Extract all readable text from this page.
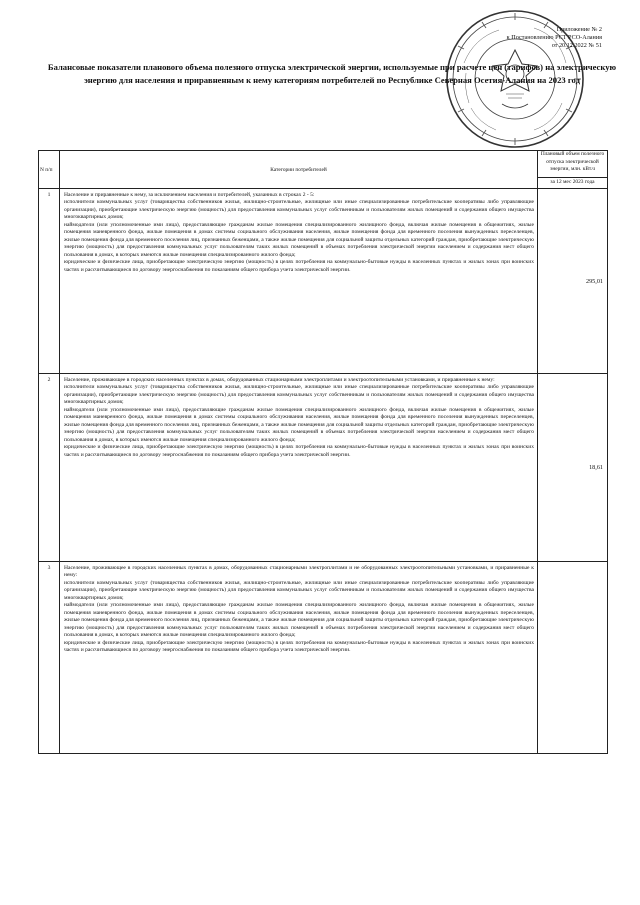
Приложение № 2
к Постановлению РСТ РСО-Алания
от 20.12.2022 № 51
Балансовые показатели планового объема полезного отпуска электрической энергии, используемые при расчете цен (тарифов) на электрическую энергию для населения и приравненным к нему категориям потребителей по Республике Северная Осетия-Алания на 2023 год
N п/п	Категории потребителей	Плановый объем полезного отпуска электрической энергии, млн. кВт.ч
за 12 мес 2023 года

1	Население и приравненные к нему, за исключением населения и потребителей, указанных в строках 2 - 5:

исполнители коммунальных услуг (товарищества собственников жилья, жилищно-строительные, жилищные или иные специализированные потребительские кооперативы либо управляющие организации), приобретающие электрическую энергию (мощность) для предоставления коммунальных услуг собственникам и пользователям жилых помещений и содержания общего имущества многоквартирных домов;

наймодатели (или уполномоченные ими лица), предоставляющие гражданам жилые помещения специализированного жилищного фонда, включая жилые помещения в общежитиях, жилые помещения маневренного фонда, жилые помещения в домах системы социального обслуживания населения, жилые помещения фонда для временного поселения вынужденных переселенцев, жилые помещения фонда для временного поселения лиц, признанных беженцами, а также жилые помещения для социальной защиты отдельных категорий граждан, приобретающие электрическую энергию (мощность) для предоставления коммунальных услуг пользователям таких жилых помещений в объемах потребления электрической энергии населением и содержания мест общего пользования в домах, в которых имеются жилые помещения специализированного жилого фонда;

юридические и физические лица, приобретающие электрическую энергию (мощность) в целях потребления на коммунально-бытовые нужды в населенных пунктах и жилых зонах при воинских частях и рассчитывающиеся по договору энергоснабжения по показаниям общего прибора учета электрической энергии.	295,01
2	Население, проживающее в городских населенных пунктах в домах, оборудованных стационарными электроплитами и электроотопительными установками, и приравненные к нему:

исполнители коммунальных услуг (товарищества собственников жилья, жилищно-строительные, жилищные или иные специализированные потребительские кооперативы либо управляющие организации), приобретающие электрическую энергию (мощность) для предоставления коммунальных услуг собственникам и пользователям жилых помещений и содержания общего имущества многоквартирных домов;

наймодатели (или уполномоченные ими лица), предоставляющие гражданам жилые помещения специализированного жилищного фонда, включая жилые помещения в общежитиях, жилые помещения маневренного фонда, жилые помещения в домах системы социального обслуживания населения, жилые помещения фонда для временного поселения вынужденных переселенцев, жилые помещения фонда для временного поселения лиц, признанных беженцами, а также жилые помещения для социальной защиты отдельных категорий граждан, приобретающие электрическую энергию (мощность) для предоставления коммунальных услуг пользователям таких жилых помещений в объемах потребления электрической энергии населением и содержания мест общего пользования в домах, в которых имеются жилые помещения специализированного жилого фонда;

юридические и физические лица, приобретающие электрическую энергию (мощность) в целях потребления на коммунально-бытовые нужды в населенных пунктах и жилых зонах при воинских частях и рассчитывающиеся по договору энергоснабжения по показаниям общего прибора учета электрической энергии.	18,61
3	Население, проживающее в городских населенных пунктах в домах, оборудованных стационарными электроплитами и не оборудованных электроотопительными установками, и приравненные к нему:

исполнители коммунальных услуг (товарищества собственников жилья, жилищно-строительные, жилищные или иные специализированные потребительские кооперативы либо управляющие организации), приобретающие электрическую энергию (мощность) для предоставления коммунальных услуг собственникам и пользователям жилых помещений и содержания общего имущества многоквартирных домов;

наймодатели (или уполномоченные ими лица), предоставляющие гражданам жилые помещения специализированного жилищного фонда, включая жилые помещения в общежитиях, жилые помещения маневренного фонда, жилые помещения в домах системы социального обслуживания населения, жилые помещения фонда для временного поселения вынужденных переселенцев, жилые помещения фонда для временного поселения лиц, признанных беженцами, а также жилые помещения для социальной защиты отдельных категорий граждан, приобретающие электрическую энергию (мощность) для предоставления коммунальных услуг пользователям таких жилых помещений в объемах потребления электрической энергии населением и содержания мест общего пользования в домах, в которых имеются жилые помещения специализированного жилого фонда;

юридические и физические лица, приобретающие электрическую энергию (мощность) в целях потребления на коммунально-бытовые нужды в населенных пунктах и жилых зонах при воинских частях и рассчитывающиеся по договору энергоснабжения по показаниям общего прибора учета электрической энергии.	
